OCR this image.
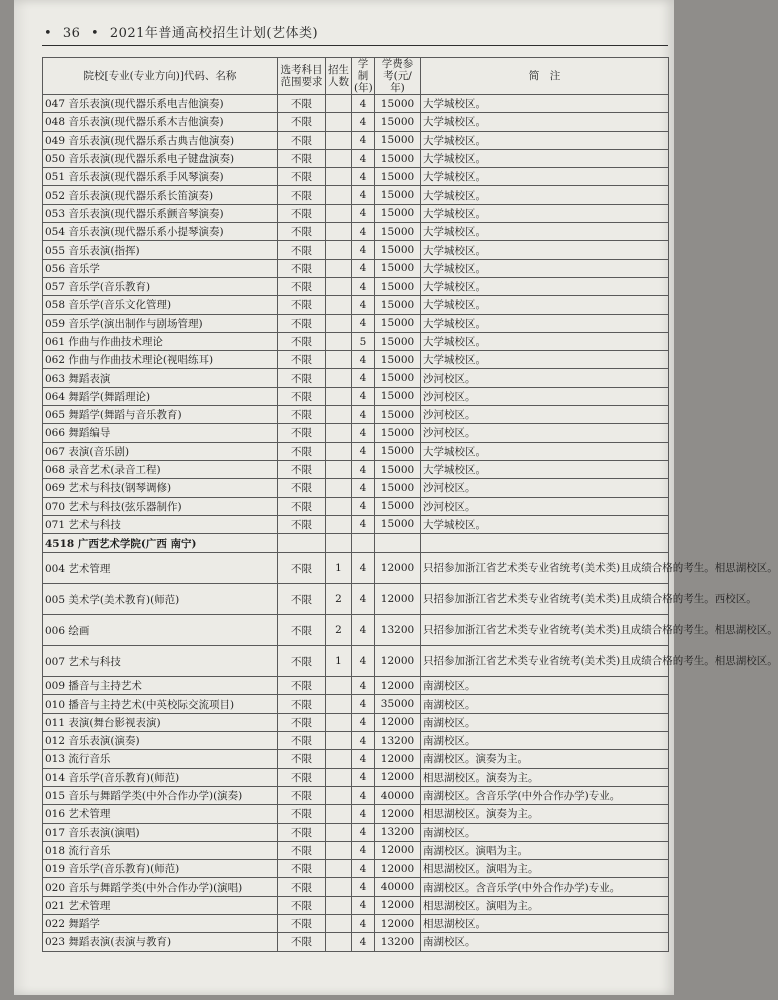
• 36 • 2021年普通高校招生计划(艺体类)
院校[专业(专业方向)]代码、名称	选考科目范围要求	招生人数	学制(年)	学费参考(元/年)	简　注
047 音乐表演(现代器乐系电吉他演奏)	不限		4	15000	大学城校区。
048 音乐表演(现代器乐系木吉他演奏)	不限		4	15000	大学城校区。
049 音乐表演(现代器乐系古典吉他演奏)	不限		4	15000	大学城校区。
050 音乐表演(现代器乐系电子键盘演奏)	不限		4	15000	大学城校区。
051 音乐表演(现代器乐系手风琴演奏)	不限		4	15000	大学城校区。
052 音乐表演(现代器乐系长笛演奏)	不限		4	15000	大学城校区。
053 音乐表演(现代器乐系颤音琴演奏)	不限		4	15000	大学城校区。
054 音乐表演(现代器乐系小提琴演奏)	不限		4	15000	大学城校区。
055 音乐表演(指挥)	不限		4	15000	大学城校区。
056 音乐学	不限		4	15000	大学城校区。
057 音乐学(音乐教育)	不限		4	15000	大学城校区。
058 音乐学(音乐文化管理)	不限		4	15000	大学城校区。
059 音乐学(演出制作与剧场管理)	不限		4	15000	大学城校区。
061 作曲与作曲技术理论	不限		5	15000	大学城校区。
062 作曲与作曲技术理论(视唱练耳)	不限		4	15000	大学城校区。
063 舞蹈表演	不限		4	15000	沙河校区。
064 舞蹈学(舞蹈理论)	不限		4	15000	沙河校区。
065 舞蹈学(舞蹈与音乐教育)	不限		4	15000	沙河校区。
066 舞蹈编导	不限		4	15000	沙河校区。
067 表演(音乐剧)	不限		4	15000	大学城校区。
068 录音艺术(录音工程)	不限		4	15000	大学城校区。
069 艺术与科技(钢琴调修)	不限		4	15000	沙河校区。
070 艺术与科技(弦乐器制作)	不限		4	15000	沙河校区。
071 艺术与科技	不限		4	15000	大学城校区。
4518 广西艺术学院(广西 南宁)					
004 艺术管理	不限	1	4	12000	只招参加浙江省艺术类专业省统考(美术类)且成绩合格的考生。相思湖校区。
005 美术学(美术教育)(师范)	不限	2	4	12000	只招参加浙江省艺术类专业省统考(美术类)且成绩合格的考生。西校区。
006 绘画	不限	2	4	13200	只招参加浙江省艺术类专业省统考(美术类)且成绩合格的考生。相思湖校区。
007 艺术与科技	不限	1	4	12000	只招参加浙江省艺术类专业省统考(美术类)且成绩合格的考生。相思湖校区。
009 播音与主持艺术	不限		4	12000	南湖校区。
010 播音与主持艺术(中英校际交流项目)	不限		4	35000	南湖校区。
011 表演(舞台影视表演)	不限		4	12000	南湖校区。
012 音乐表演(演奏)	不限		4	13200	南湖校区。
013 流行音乐	不限		4	12000	南湖校区。演奏为主。
014 音乐学(音乐教育)(师范)	不限		4	12000	相思湖校区。演奏为主。
015 音乐与舞蹈学类(中外合作办学)(演奏)	不限		4	40000	南湖校区。含音乐学(中外合作办学)专业。
016 艺术管理	不限		4	12000	相思湖校区。演奏为主。
017 音乐表演(演唱)	不限		4	13200	南湖校区。
018 流行音乐	不限		4	12000	南湖校区。演唱为主。
019 音乐学(音乐教育)(师范)	不限		4	12000	相思湖校区。演唱为主。
020 音乐与舞蹈学类(中外合作办学)(演唱)	不限		4	40000	南湖校区。含音乐学(中外合作办学)专业。
021 艺术管理	不限		4	12000	相思湖校区。演唱为主。
022 舞蹈学	不限		4	12000	相思湖校区。
023 舞蹈表演(表演与教育)	不限		4	13200	南湖校区。
